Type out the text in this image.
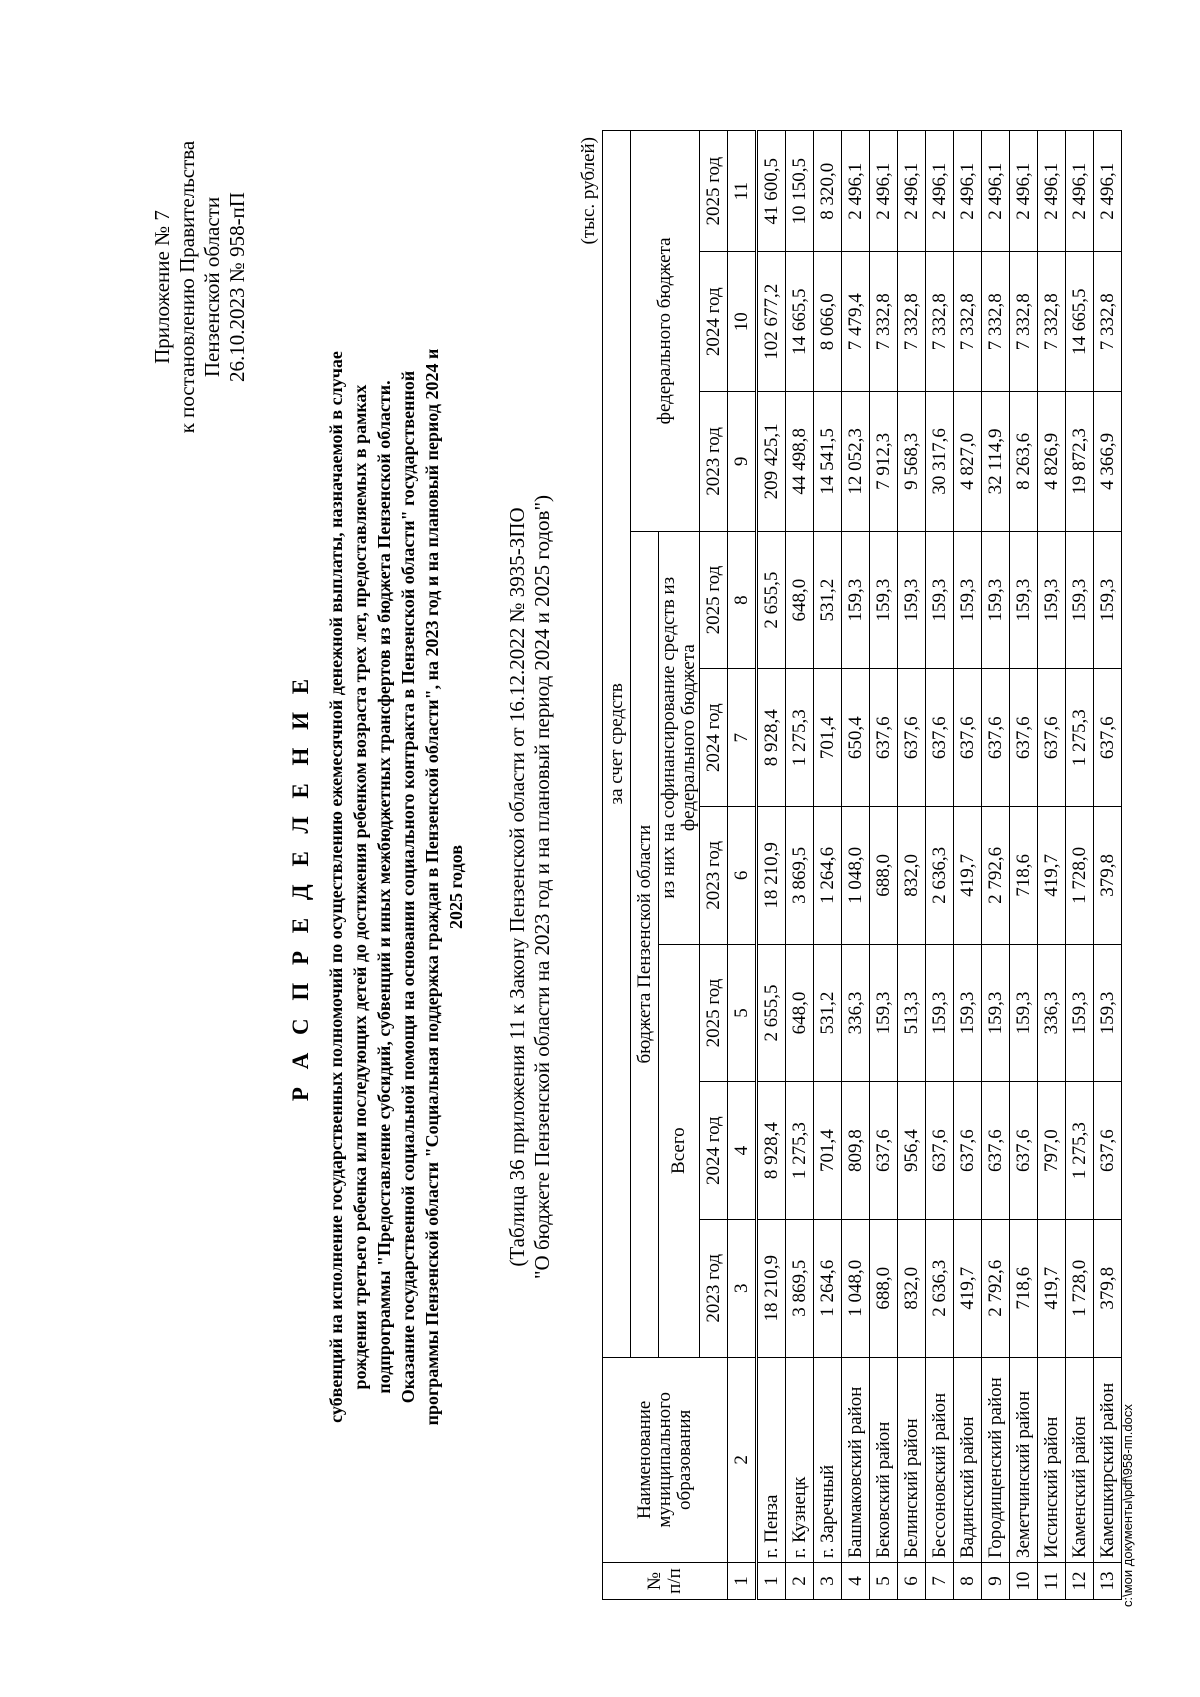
Приложение № 7 к постановлению Правительства Пензенской области 26.10.2023 № 958-пП
Р А С П Р Е Д Е Л Е Н И Е субвенций на исполнение государственных полномочий по осуществлению ежемесячной денежной выплаты, назначаемой в случае рождения третьего ребенка или последующих детей до достижения ребенком возраста трех лет, предоставляемых в рамках подпрограммы "Предоставление субсидий, субвенций и иных межбюджетных трансфертов из бюджета Пензенской области. Оказание государственной социальной помощи на основании социального контракта в Пензенской области" государственной программы Пензенской области "Социальная поддержка граждан в Пензенской области", на 2023 год и на плановый период 2024 и 2025 годов (Таблица 36 приложения 11 к Закону Пензенской области от 16.12.2022 № 3935-ЗПО "О бюджете Пензенской области на 2023 год и на плановый период 2024 и 2025 годов")
(тыс. рублей)
№ п/п	Наименование муниципального образования	за счет средств								
		бюджета Пензенской области						федерального бюджета		
		Всего			из них на софинансирование средств из федерального бюджета					
		2023 год	2024 год	2025 год	2023 год	2024 год	2025 год	2023 год	2024 год	2025 год
1	2	3	4	5	6	7	8	9	10	11
1	г. Пенза	18 210,9	8 928,4	2 655,5	18 210,9	8 928,4	2 655,5	209 425,1	102 677,2	41 600,5
2	г. Кузнецк	3 869,5	1 275,3	648,0	3 869,5	1 275,3	648,0	44 498,8	14 665,5	10 150,5
3	г. Заречный	1 264,6	701,4	531,2	1 264,6	701,4	531,2	14 541,5	8 066,0	8 320,0
4	Башмаковский район	1 048,0	809,8	336,3	1 048,0	650,4	159,3	12 052,3	7 479,4	2 496,1
5	Бековский район	688,0	637,6	159,3	688,0	637,6	159,3	7 912,3	7 332,8	2 496,1
6	Белинский район	832,0	956,4	513,3	832,0	637,6	159,3	9 568,3	7 332,8	2 496,1
7	Бессоновский район	2 636,3	637,6	159,3	2 636,3	637,6	159,3	30 317,6	7 332,8	2 496,1
8	Вадинский район	419,7	637,6	159,3	419,7	637,6	159,3	4 827,0	7 332,8	2 496,1
9	Городищенский район	2 792,6	637,6	159,3	2 792,6	637,6	159,3	32 114,9	7 332,8	2 496,1
10	Земетчинский район	718,6	637,6	159,3	718,6	637,6	159,3	8 263,6	7 332,8	2 496,1
11	Иссинский район	419,7	797,0	336,3	419,7	637,6	159,3	4 826,9	7 332,8	2 496,1
12	Каменский район	1 728,0	1 275,3	159,3	1 728,0	1 275,3	159,3	19 872,3	14 665,5	2 496,1
13	Камешкирский район	379,8	637,6	159,3	379,8	637,6	159,3	4 366,9	7 332,8	2 496,1
c:\мои документы\pdf\958-пп.docx
